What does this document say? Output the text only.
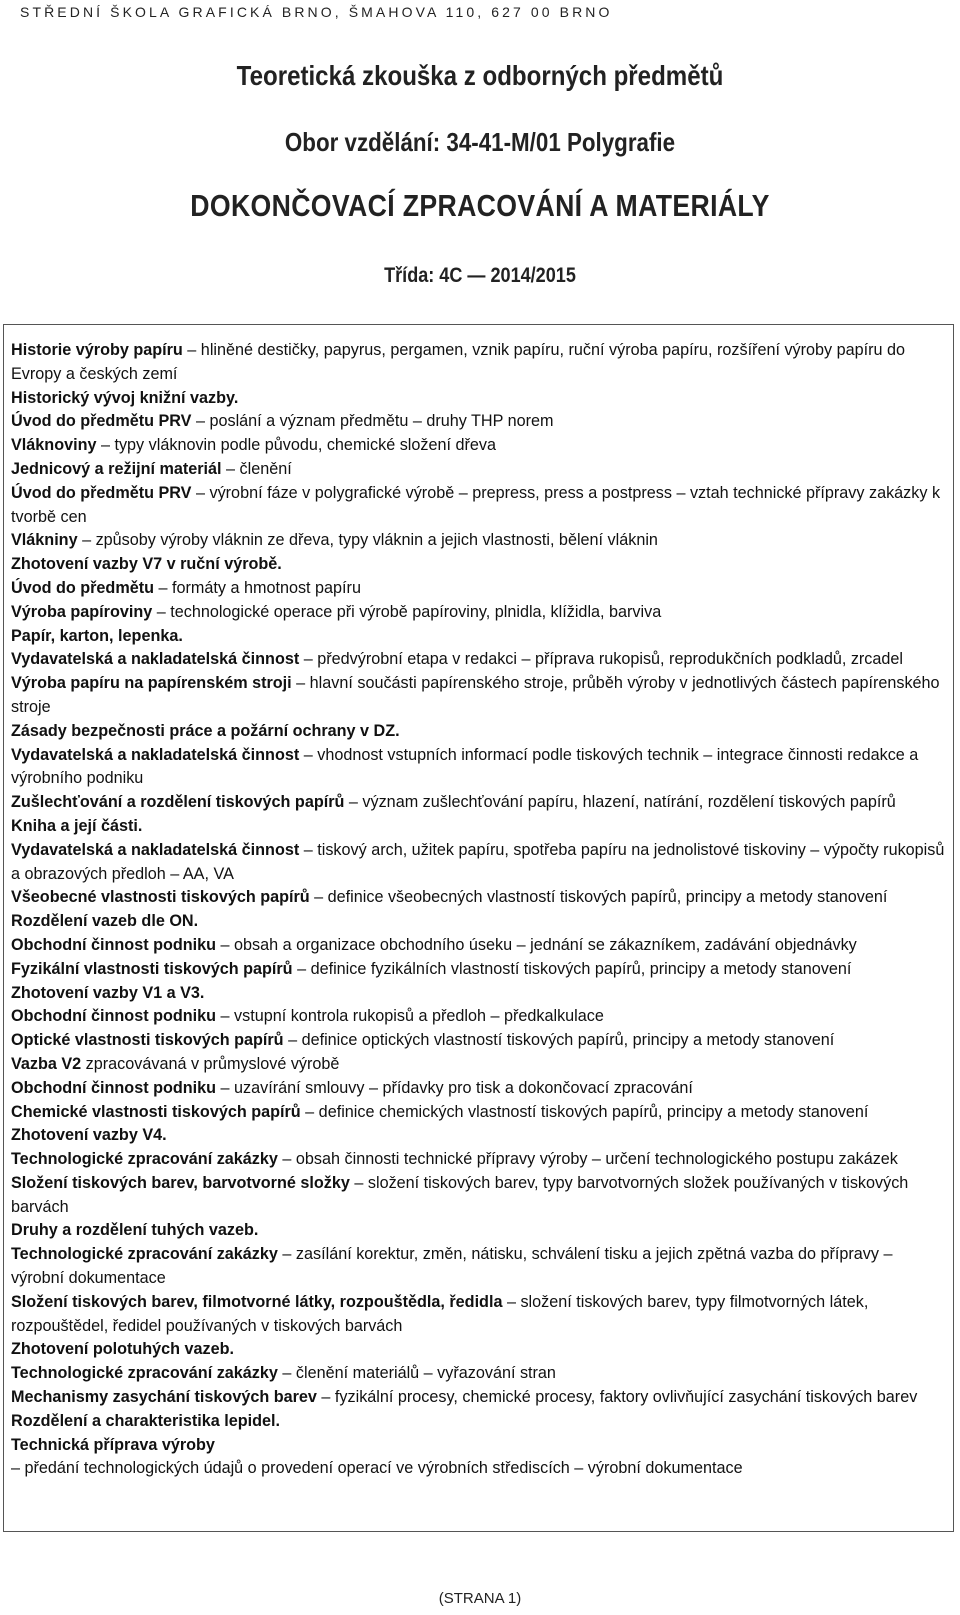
STŘEDNÍ ŠKOLA GRAFICKÁ BRNO, ŠMAHOVA 110, 627 00 BRNO
Teoretická zkouška z odborných předmětů
Obor vzdělání: 34-41-M/01 Polygrafie
DOKONČOVACÍ ZPRACOVÁNÍ A MATERIÁLY
Třída: 4C — 2014/2015
Historie výroby papíru – hliněné destičky, papyrus, pergamen, vznik papíru, ruční výroba papíru, rozšíření výroby papíru do Evropy a českých zemí
Historický vývoj knižní vazby.
Úvod do předmětu PRV – poslání a význam předmětu – druhy THP norem
Vláknoviny – typy vláknovin podle původu, chemické složení dřeva
Jednicový a režijní materiál – členění
Úvod do předmětu PRV – výrobní fáze v polygrafické výrobě – prepress, press a postpress – vztah technické přípravy zakázky k tvorbě cen
Vlákniny – způsoby výroby vláknin ze dřeva, typy vláknin a jejich vlastnosti, bělení vláknin
Zhotovení vazby V7 v ruční výrobě.
Úvod do předmětu – formáty a hmotnost papíru
Výroba papíroviny – technologické operace při výrobě papíroviny, plnidla, klížidla, barviva
Papír, karton, lepenka.
Vydavatelská a nakladatelská činnost – předvýrobní etapa v redakci – příprava rukopisů, reprodukčních podkladů, zrcadel
Výroba papíru na papírenském stroji – hlavní součásti papírenského stroje, průběh výroby v jednotlivých částech papírenského stroje
Zásady bezpečnosti práce a požární ochrany v DZ.
Vydavatelská a nakladatelská činnost – vhodnost vstupních informací podle tiskových technik – integrace činnosti redakce a výrobního podniku
Zušlechťování a rozdělení tiskových papírů – význam zušlechťování papíru, hlazení, natírání, rozdělení tiskových papírů
Kniha a její části.
Vydavatelská a nakladatelská činnost – tiskový arch, užitek papíru, spotřeba papíru na jednolistové tiskoviny – výpočty rukopisů a obrazových předloh – AA, VA
Všeobecné vlastnosti tiskových papírů – definice všeobecných vlastností tiskových papírů, principy a metody stanovení
Rozdělení vazeb dle ON.
Obchodní činnost podniku – obsah a organizace obchodního úseku – jednání se zákazníkem, zadávání objednávky
Fyzikální vlastnosti tiskových papírů – definice fyzikálních vlastností tiskových papírů, principy a metody stanovení
Zhotovení vazby V1 a V3.
Obchodní činnost podniku – vstupní kontrola rukopisů a předloh – předkalkulace
Optické vlastnosti tiskových papírů – definice optických vlastností tiskových papírů, principy a metody stanovení
Vazba V2 zpracovávaná v průmyslové výrobě
Obchodní činnost podniku – uzavírání smlouvy – přídavky pro tisk a dokončovací zpracování
Chemické vlastnosti tiskových papírů – definice chemických vlastností tiskových papírů, principy a metody stanovení
Zhotovení vazby V4.
Technologické zpracování zakázky – obsah činnosti technické přípravy výroby – určení technologického postupu zakázek
Složení tiskových barev, barvotvorné složky – složení tiskových barev, typy barvotvorných složek používaných v tiskových barvách
Druhy a rozdělení tuhých vazeb.
Technologické zpracování zakázky – zasílání korektur, změn, nátisku, schválení tisku a jejich zpětná vazba do přípravy – výrobní dokumentace
Složení tiskových barev, filmotvorné látky, rozpouštědla, ředidla – složení tiskových barev, typy filmotvorných látek, rozpouštědel, ředidel používaných v tiskových barvách
Zhotovení polotuhých vazeb.
Technologické zpracování zakázky – členění materiálů – vyřazování stran
Mechanismy zasychání tiskových barev – fyzikální procesy, chemické procesy, faktory ovlivňující zasychání tiskových barev
Rozdělení a charakteristika lepidel.
Technická příprava výroby
– předání technologických údajů o provedení operací ve výrobních střediscích – výrobní dokumentace
(STRANA 1)
